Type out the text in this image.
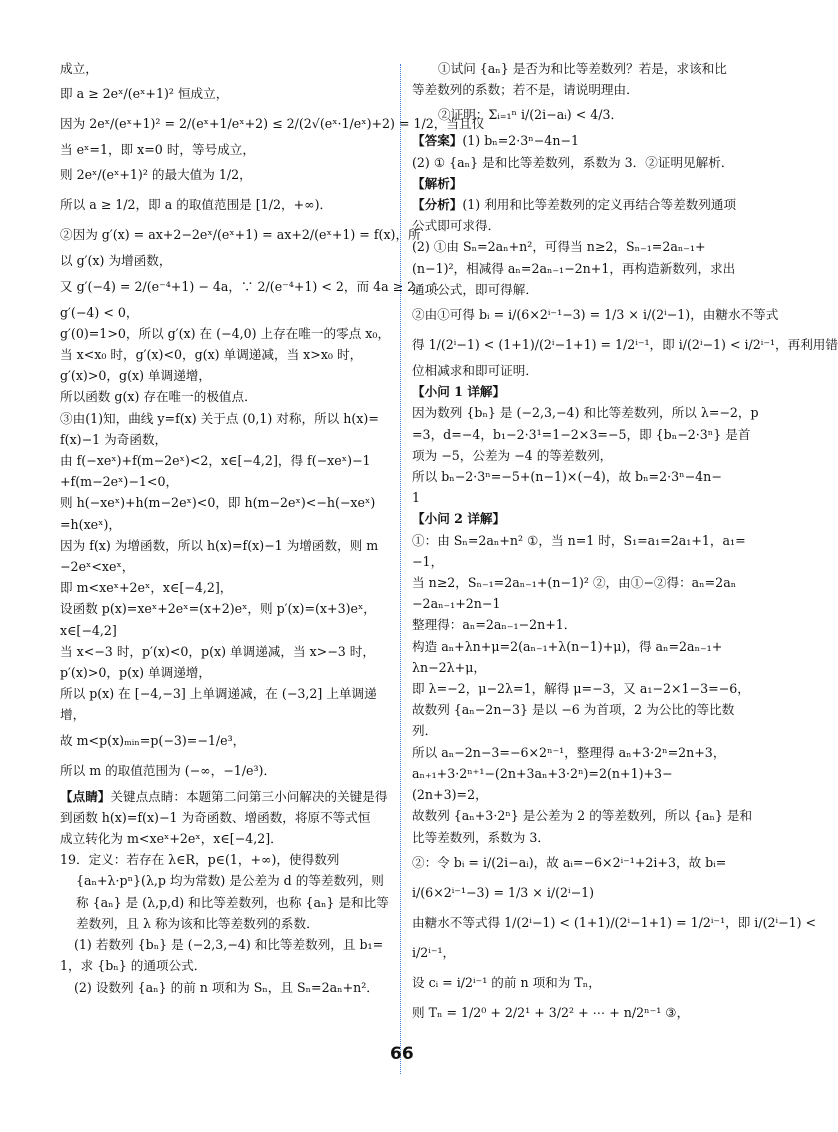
成立，
即 a ≥ 2eˣ/(eˣ+1)² 恒成立，
因为 2eˣ/(eˣ+1)² = 2/(eˣ+1/eˣ+2) ≤ 2/(2√(eˣ·1/eˣ)+2) = 1/2，当且仅
当 eˣ=1，即 x=0 时，等号成立，
则 2eˣ/(eˣ+1)² 的最大值为 1/2，
所以 a ≥ 1/2，即 a 的取值范围是 [1/2，+∞)．
②因为 g′(x) = ax+2−2eˣ/(eˣ+1) = ax+2/(eˣ+1) = f(x)，所
以 g′(x) 为增函数，
又 g′(−4) = 2/(e⁻⁴+1) − 4a，∵ 2/(e⁻⁴+1) < 2，而 4a ≥ 2，∴
g′(−4) < 0，
g′(0)=1>0，所以 g′(x) 在 (−4,0) 上存在唯一的零点 x₀，
当 x<x₀ 时，g′(x)<0，g(x) 单调递减，当 x>x₀ 时，
g′(x)>0，g(x) 单调递增，
所以函数 g(x) 存在唯一的极值点．
③由(1)知，曲线 y=f(x) 关于点 (0,1) 对称，所以 h(x)=
f(x)−1 为奇函数，
由 f(−xeˣ)+f(m−2eˣ)<2，x∈[−4,2]，得 f(−xeˣ)−1
+f(m−2eˣ)−1<0，
则 h(−xeˣ)+h(m−2eˣ)<0，即 h(m−2eˣ)<−h(−xeˣ)
=h(xeˣ)，
因为 f(x) 为增函数，所以 h(x)=f(x)−1 为增函数，则 m
−2eˣ<xeˣ，
即 m<xeˣ+2eˣ，x∈[−4,2]，
设函数 p(x)=xeˣ+2eˣ=(x+2)eˣ，则 p′(x)=(x+3)eˣ，
x∈[−4,2]
当 x<−3 时，p′(x)<0，p(x) 单调递减，当 x>−3 时，
p′(x)>0，p(x) 单调递增，
所以 p(x) 在 [−4,−3] 上单调递减，在 (−3,2] 上单调递
增，
故 m<p(x)ₘᵢₙ=p(−3)=−1/e³，
所以 m 的取值范围为 (−∞，−1/e³)．
【点睛】关键点点睛：本题第二问第三小问解决的关键是得
到函数 h(x)=f(x)−1 为奇函数、增函数，将原不等式恒
成立转化为 m<xeˣ+2eˣ，x∈[−4,2]．
19．定义：若存在 λ∈R，p∈(1，+∞)，使得数列
{aₙ+λ·pⁿ}(λ,p 均为常数) 是公差为 d 的等差数列，则
称 {aₙ} 是 (λ,p,d) 和比等差数列，也称 {aₙ} 是和比等
差数列，且 λ 称为该和比等差数列的系数．
(1) 若数列 {bₙ} 是 (−2,3,−4) 和比等差数列，且 b₁=
1，求 {bₙ} 的通项公式．
(2) 设数列 {aₙ} 的前 n 项和为 Sₙ，且 Sₙ=2aₙ+n²．
①试问 {aₙ} 是否为和比等差数列？若是，求该和比
等差数列的系数；若不是，请说明理由．
②证明：Σᵢ₌₁ⁿ i/(2i−aᵢ) < 4/3．
【答案】(1) bₙ=2·3ⁿ−4n−1
(2) ① {aₙ} 是和比等差数列，系数为 3．②证明见解析．
【解析】
【分析】(1) 利用和比等差数列的定义再结合等差数列通项
公式即可求得．
(2) ①由 Sₙ=2aₙ+n²，可得当 n≥2，Sₙ₋₁=2aₙ₋₁+
(n−1)²，相减得 aₙ=2aₙ₋₁−2n+1，再构造新数列，求出
通项公式，即可得解．
②由①可得 bᵢ = i/(6×2ⁱ⁻¹−3) = 1/3 × i/(2ⁱ−1)，由糖水不等式
得 1/(2ⁱ−1) < (1+1)/(2ⁱ−1+1) = 1/2ⁱ⁻¹，即 i/(2ⁱ−1) < i/2ⁱ⁻¹，再利用错
位相减求和即可证明．
【小问 1 详解】
因为数列 {bₙ} 是 (−2,3,−4) 和比等差数列，所以 λ=−2，p
=3，d=−4，b₁−2·3¹=1−2×3=−5，即 {bₙ−2·3ⁿ} 是首
项为 −5，公差为 −4 的等差数列，
所以 bₙ−2·3ⁿ=−5+(n−1)×(−4)，故 bₙ=2·3ⁿ−4n−
1
【小问 2 详解】
①：由 Sₙ=2aₙ+n² ①，当 n=1 时，S₁=a₁=2a₁+1，a₁=
−1，
当 n≥2，Sₙ₋₁=2aₙ₋₁+(n−1)² ②，由①−②得：aₙ=2aₙ
−2aₙ₋₁+2n−1
整理得：aₙ=2aₙ₋₁−2n+1．
构造 aₙ+λn+μ=2(aₙ₋₁+λ(n−1)+μ)，得 aₙ=2aₙ₋₁+
λn−2λ+μ，
即 λ=−2，μ−2λ=1，解得 μ=−3，又 a₁−2×1−3=−6，
故数列 {aₙ−2n−3} 是以 −6 为首项，2 为公比的等比数
列．
所以 aₙ−2n−3=−6×2ⁿ⁻¹，整理得 aₙ+3·2ⁿ=2n+3，
aₙ₊₁+3·2ⁿ⁺¹−(2n+3aₙ+3·2ⁿ)=2(n+1)+3−
(2n+3)=2，
故数列 {aₙ+3·2ⁿ} 是公差为 2 的等差数列，所以 {aₙ} 是和
比等差数列，系数为 3．
②：令 bᵢ = i/(2i−aᵢ)，故 aᵢ=−6×2ⁱ⁻¹+2i+3，故 bᵢ=
i/(6×2ⁱ⁻¹−3) = 1/3 × i/(2ⁱ−1)
由糖水不等式得 1/(2ⁱ−1) < (1+1)/(2ⁱ−1+1) = 1/2ⁱ⁻¹，即 i/(2ⁱ−1) <
i/2ⁱ⁻¹，
设 cᵢ = i/2ⁱ⁻¹ 的前 n 项和为 Tₙ，
则 Tₙ = 1/2⁰ + 2/2¹ + 3/2² + ⋯ + n/2ⁿ⁻¹ ③，
66
